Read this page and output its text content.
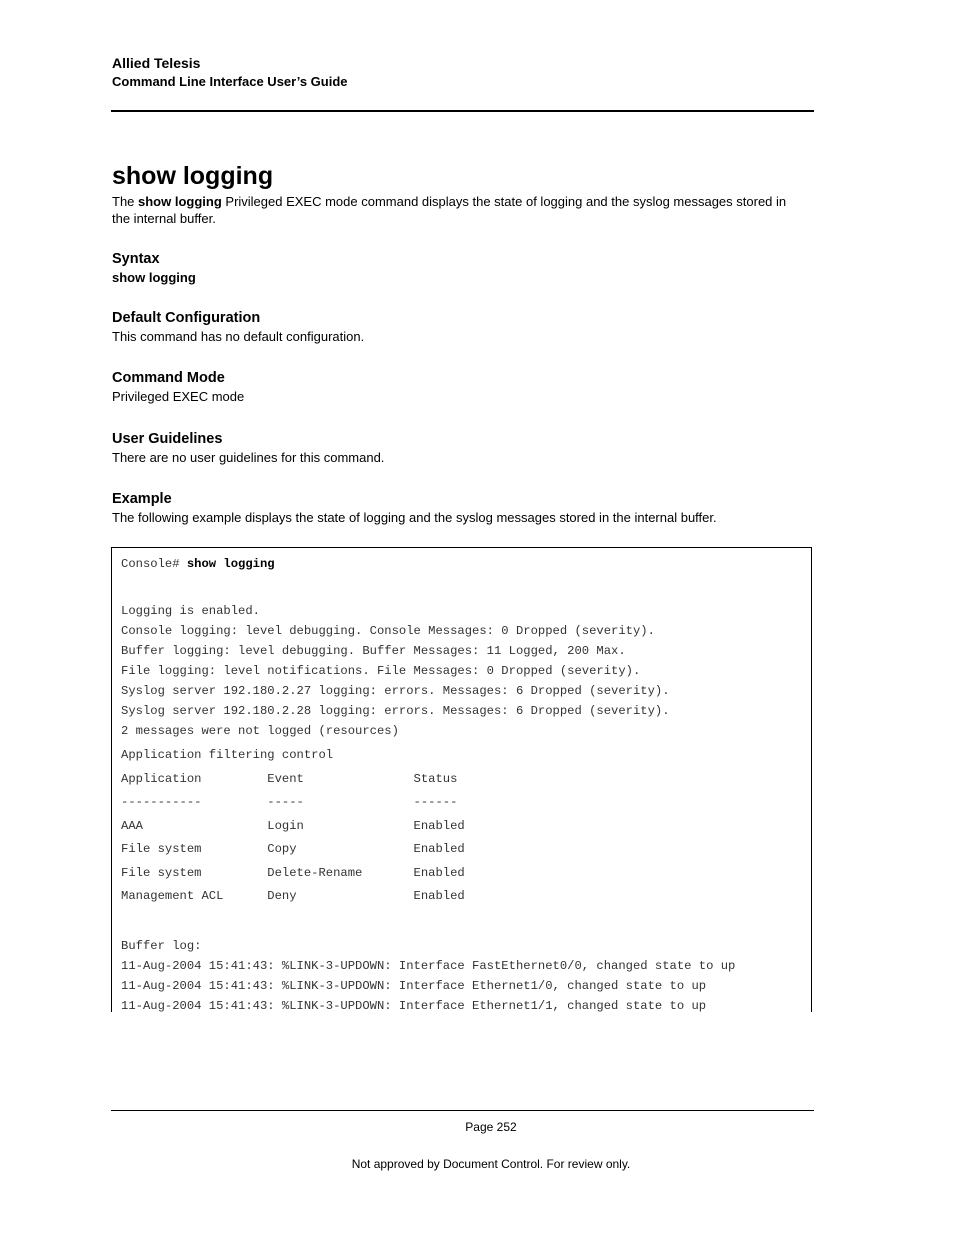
Allied Telesis
Command Line Interface User’s Guide
show logging

The show logging Privileged EXEC mode command displays the state of logging and the syslog messages stored in the internal buffer.

Syntax

show logging

Default Configuration

This command has no default configuration.

Command Mode

Privileged EXEC mode

User Guidelines

There are no user guidelines for this command.

Example

The following example displays the state of logging and the syslog messages stored in the internal buffer.

Console# show logging
Logging is enabled.
Console logging: level debugging. Console Messages: 0 Dropped (severity).
Buffer logging: level debugging. Buffer Messages: 11 Logged, 200 Max.
File logging: level notifications. File Messages: 0 Dropped (severity).
Syslog server 192.180.2.27 logging: errors. Messages: 6 Dropped (severity).
Syslog server 192.180.2.28 logging: errors. Messages: 6 Dropped (severity).
2 messages were not logged (resources)
Application filtering control
Application         Event               Status
-----------         -----               ------
AAA                 Login               Enabled
File system         Copy                Enabled
File system         Delete-Rename       Enabled
Management ACL      Deny                Enabled
Buffer log:
11-Aug-2004 15:41:43: %LINK-3-UPDOWN: Interface FastEthernet0/0, changed state to up
11-Aug-2004 15:41:43: %LINK-3-UPDOWN: Interface Ethernet1/0, changed state to up
11-Aug-2004 15:41:43: %LINK-3-UPDOWN: Interface Ethernet1/1, changed state to up
Page 252
Not approved by Document Control. For review only.
